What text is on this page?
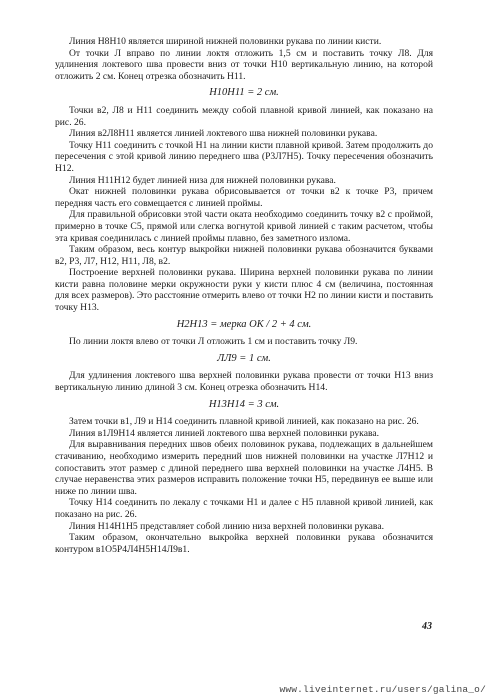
Линия H8H10 является шириной нижней половинки рукава по линии кисти.

От точки Л вправо по линии локтя отложить 1,5 см и поставить точку Л8. Для удлинения локтевого шва провести вниз от точки H10 вертикальную линию, на которой отложить 2 см. Конец отрезка обозначить H11.

H10H11 = 2 см.

Точки в2, Л8 и H11 соединить между собой плавной кривой линией, как показано на рис. 26.

Линия в2Л8H11 является линией локтевого шва нижней половинки рукава.

Точку H11 соединить с точкой H1 на линии кисти плавной кривой. Затем продолжить до пересечения с этой кривой линию переднего шва (P3Л7H5). Точку пересечения обозначить H12.

Линия H11H12 будет линией низа для нижней половинки рукава.

Окат нижней половинки рукава обрисовывается от точки в2 к точке P3, причем передняя часть его совмещается с линией проймы.

Для правильной обрисовки этой части оката необходимо соединить точку в2 с проймой, примерно в точке С5, прямой или слегка вогнутой кривой линией с таким расчетом, чтобы эта кривая соединилась с линией проймы плавно, без заметного излома.

Таким образом, весь контур выкройки нижней половинки рукава обозначится буквами в2, P3, Л7, H12, H11, Л8, в2.

Построение верхней половинки рукава. Ширина верхней половинки рукава по линии кисти равна половине мерки окружности руки у кисти плюс 4 см (величина, постоянная для всех размеров). Это расстояние отмерить влево от точки H2 по линии кисти и поставить точку H13.

H2H13 = мерка ОК / 2 + 4 см.

По линии локтя влево от точки Л отложить 1 см и поставить точку Л9.

ЛЛ9 = 1 см.

Для удлинения локтевого шва верхней половинки рукава провести от точки H13 вниз вертикальную линию длиной 3 см. Конец отрезка обозначить H14.

H13H14 = 3 см.

Затем точки в1, Л9 и H14 соединить плавной кривой линией, как показано на рис. 26.

Линия в1Л9H14 является линией локтевого шва верхней половинки рукава.

Для выравнивания передних швов обеих половинок рукава, подлежащих в дальнейшем стачиванию, необходимо измерить передний шов нижней половинки на участке Л7H12 и сопоставить этот размер с длиной переднего шва верхней половинки на участке Л4H5. В случае неравенства этих размеров исправить положение точки H5, передвинув ее выше или ниже по линии шва.

Точку H14 соединить по лекалу с точками H1 и далее с H5 плавной кривой линией, как показано на рис. 26.

Линия H14H1H5 представляет собой линию низа верхней половинки рукава.

Таким образом, окончательно выкройка верхней половинки рукава обозначится контуром в1О5P4Л4H5H14Л9в1.

43
www.liveinternet.ru/users/galina_o/
